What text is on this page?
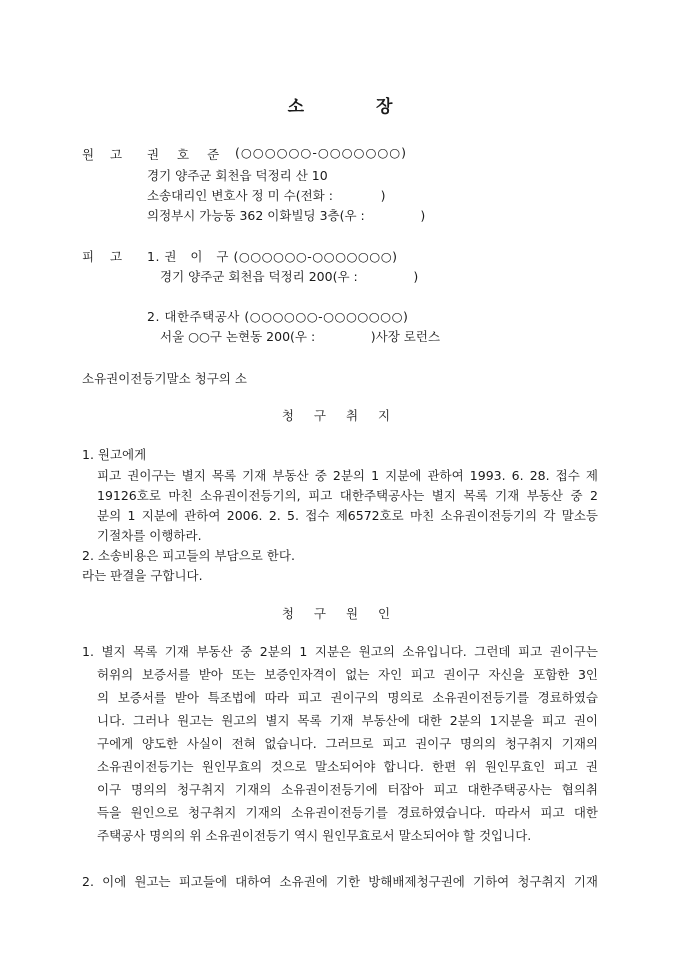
소	장
원 고 권 호 준	(○○○○○○-○○○○○○○)
경기 양주군 회천읍 덕정리 산 10
소송대리인 변호사 정 미 수(전화 :            )
의정부시 가능동 362 이화빌딩 3층(우 :              )
피 고 1. 권   이   구 (○○○○○○-○○○○○○○)
경기 양주군 회천읍 덕정리 200(우 :              )
2. 대한주택공사 (○○○○○○-○○○○○○○)
서울 ○○구 논현동 200(우 :              )사장 로런스
소유권이전등기말소 청구의 소
청 구 취 지
1. 원고에게
피고 권이구는 별지 목록 기재 부동산 중 2분의 1 지분에 관하여 1993. 6. 28. 접수 제
19126호로 마친 소유권이전등기의, 피고 대한주택공사는 별지 목록 기재 부동산 중 2
분의 1 지분에 관하여 2006. 2. 5. 접수 제6572호로 마친 소유권이전등기의 각 말소등
기절차를 이행하라.
2. 소송비용은 피고들의 부담으로 한다.
라는 판결을 구합니다.
청 구 원 인
1. 별지 목록 기재 부동산 중 2분의 1 지분은 원고의 소유입니다. 그런데 피고 권이구는
허위의 보증서를 받아 또는 보증인자격이 없는 자인 피고 권이구 자신을 포함한 3인
의 보증서를 받아 특조법에 따라 피고 권이구의 명의로 소유권이전등기를 경료하였습
니다. 그러나 원고는 원고의 별지 목록 기재 부동산에 대한 2분의 1지분을 피고 권이
구에게 양도한 사실이 전혀 없습니다. 그러므로 피고 권이구 명의의 청구취지 기재의
소유권이전등기는 원인무효의 것으로 말소되어야 합니다. 한편 위 원인무효인 피고 권
이구 명의의 청구취지 기재의 소유권이전등기에 터잡아 피고 대한주택공사는 협의취
득을 원인으로 청구취지 기재의 소유권이전등기를 경료하였습니다. 따라서 피고 대한
주택공사 명의의 위 소유권이전등기 역시 원인무효로서 말소되어야 할 것입니다.
2. 이에 원고는 피고들에 대하여 소유권에 기한 방해배제청구권에 기하여 청구취지 기재
